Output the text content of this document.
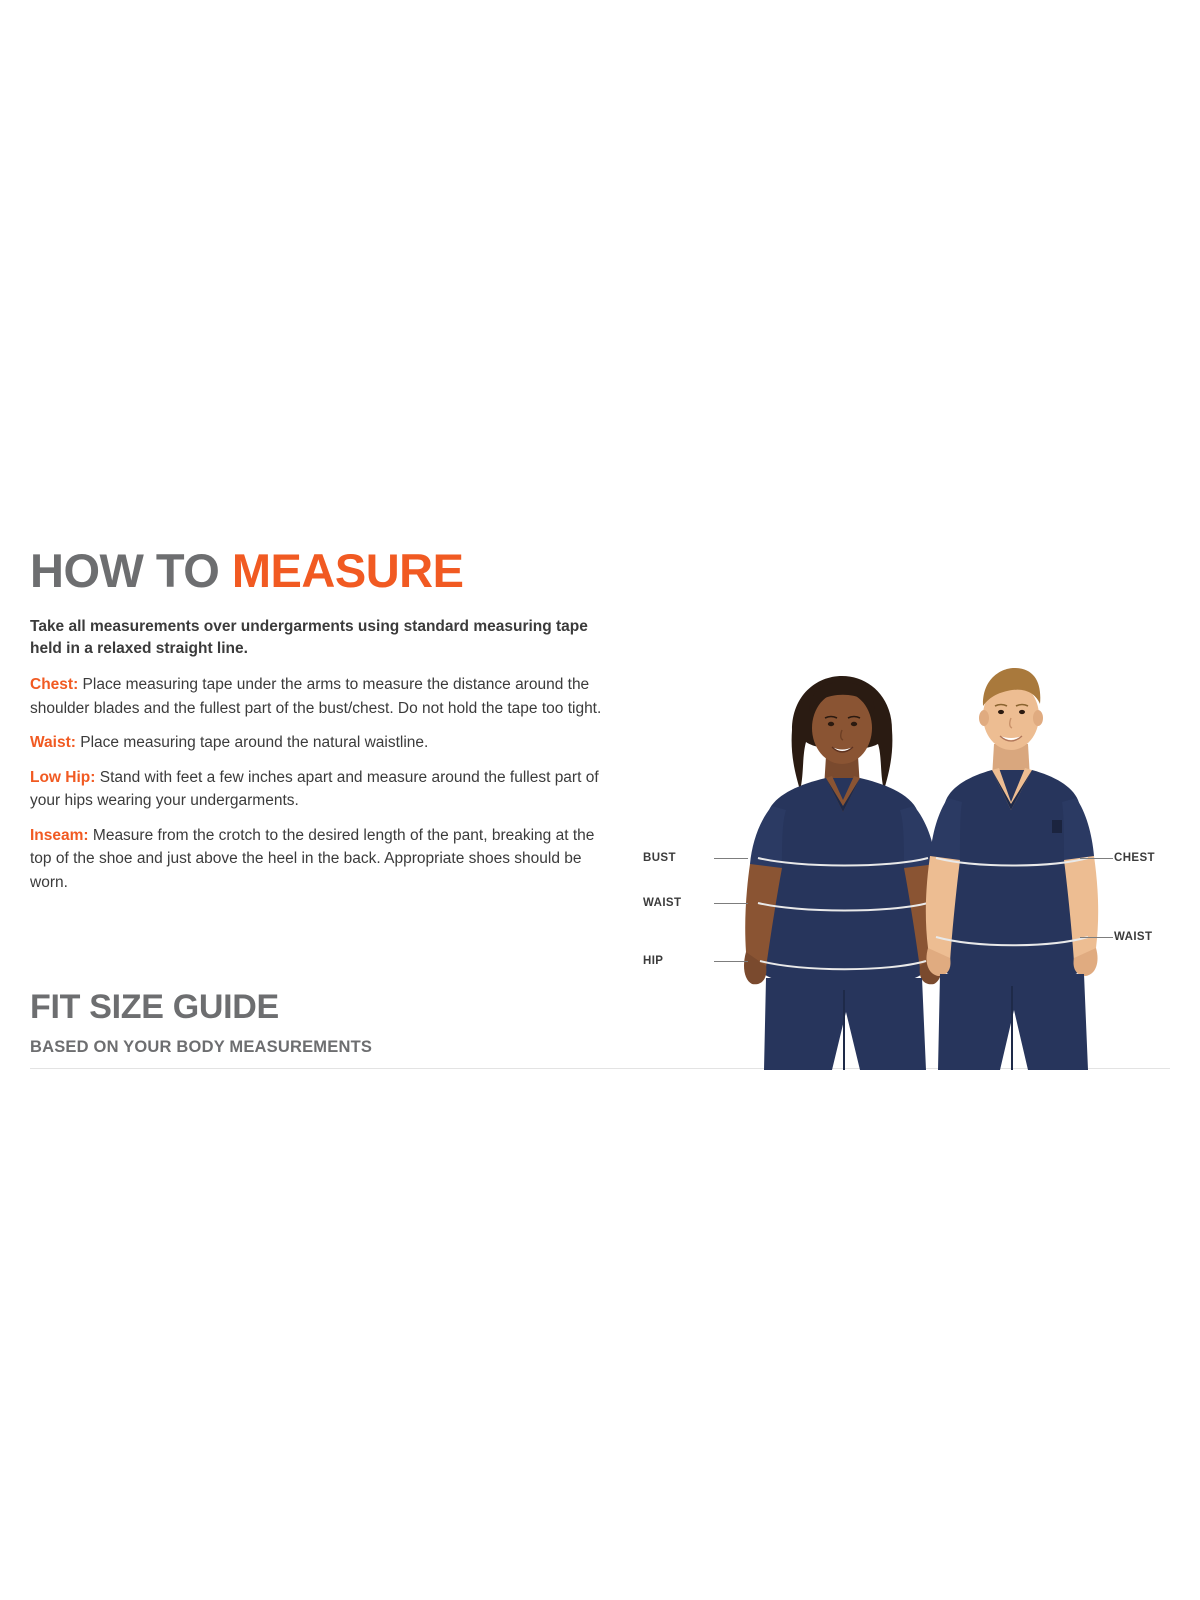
HOW TO MEASURE
Take all measurements over undergarments using standard measuring tape held in a relaxed straight line.
Chest: Place measuring tape under the arms to measure the distance around the shoulder blades and the fullest part of the bust/chest. Do not hold the tape too tight.
Waist: Place measuring tape around the natural waistline.
Low Hip: Stand with feet a few inches apart and measure around the fullest part of your hips wearing your undergarments.
Inseam: Measure from the crotch to the desired length of the pant, breaking at the top of the shoe and just above the heel in the back. Appropriate shoes should be worn.
FIT SIZE GUIDE
BASED ON YOUR BODY MEASUREMENTS
BUST
WAIST
HIP
CHEST
WAIST
